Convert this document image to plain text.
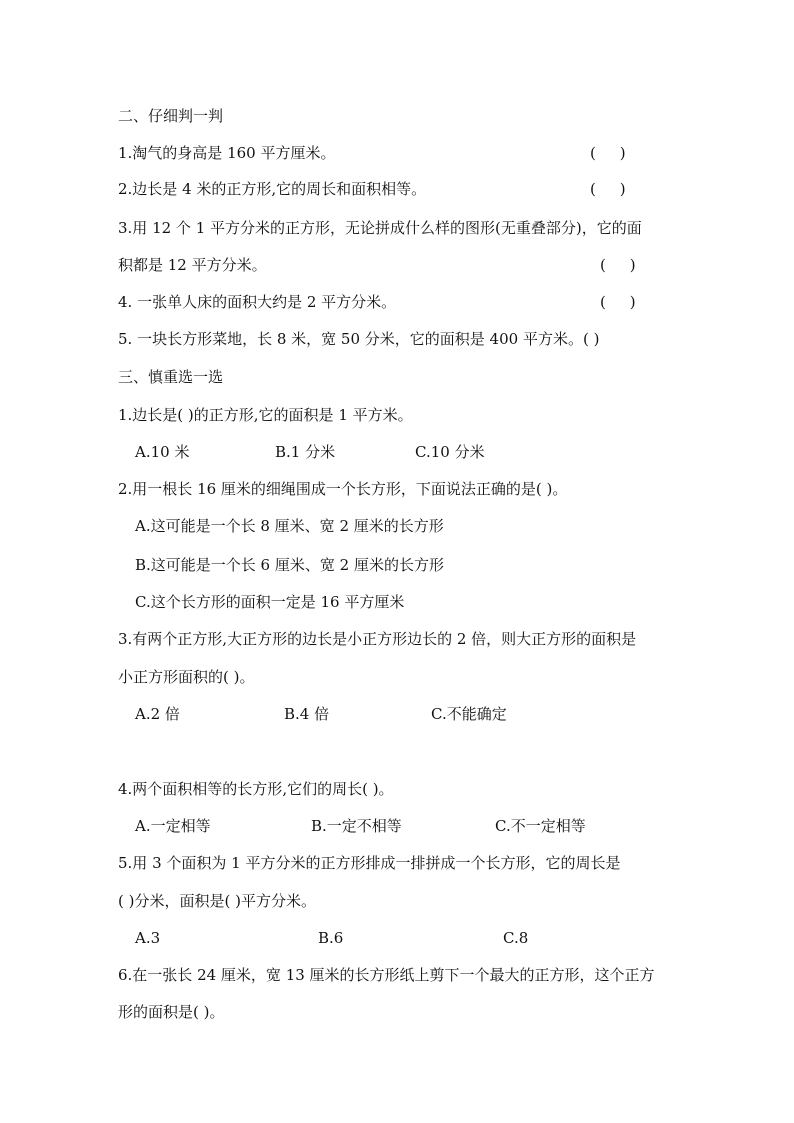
二、仔细判一判
1.淘气的身高是 160 平方厘米。	(     )
2.边长是 4 米的正方形,它的周长和面积相等。	(     )
3.用 12 个 1 平方分米的正方形，无论拼成什么样的图形(无重叠部分)，它的面
积都是 12 平方分米。	(     )
4. 一张单人床的面积大约是 2 平方分米。	(     )
5. 一块长方形菜地，长 8 米，宽 50 分米，它的面积是 400 平方米。( )
三、慎重选一选
1.边长是( )的正方形,它的面积是 1 平方米。
A.10 米	B.1 分米	C.10 分米
2.用一根长 16 厘米的细绳围成一个长方形，下面说法正确的是( )。
A.这可能是一个长 8 厘米、宽 2 厘米的长方形
B.这可能是一个长 6 厘米、宽 2 厘米的长方形
C.这个长方形的面积一定是 16 平方厘米
3.有两个正方形,大正方形的边长是小正方形边长的 2 倍，则大正方形的面积是
小正方形面积的( )。
A.2 倍	B.4 倍	C.不能确定
4.两个面积相等的长方形,它们的周长( )。
A.一定相等	B.一定不相等	C.不一定相等
5.用 3 个面积为 1 平方分米的正方形排成一排拼成一个长方形，它的周长是
( )分米，面积是( )平方分米。
A.3	B.6	C.8
6.在一张长 24 厘米，宽 13 厘米的长方形纸上剪下一个最大的正方形，这个正方
形的面积是( )。
